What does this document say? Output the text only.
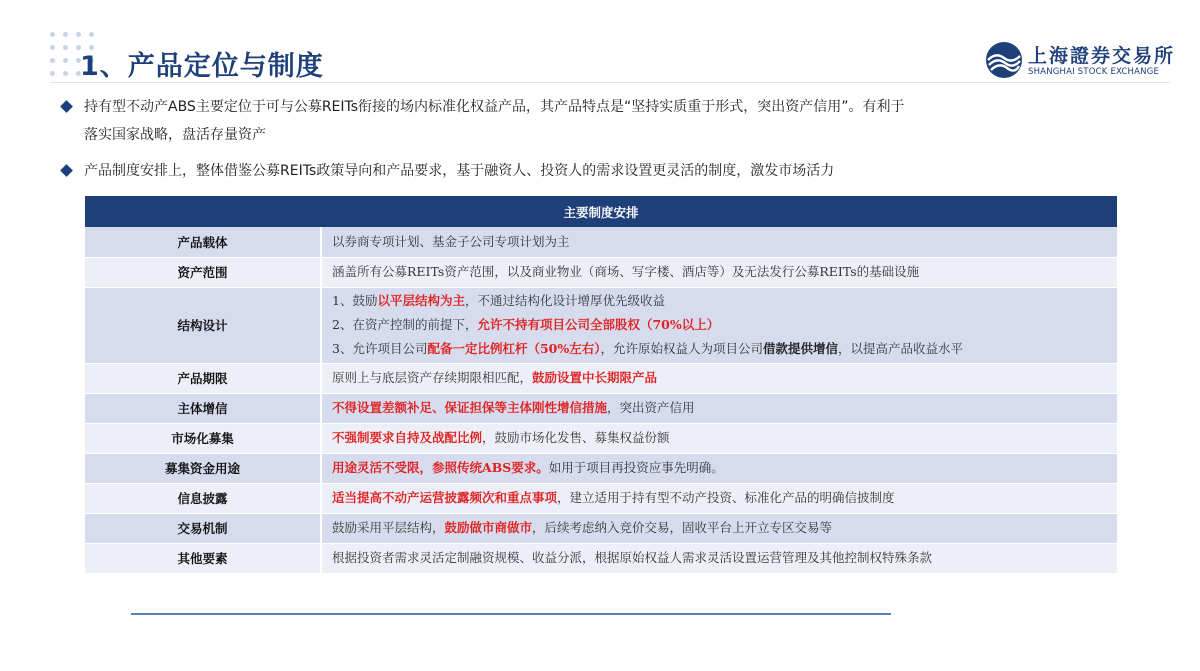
1、产品定位与制度	上海證券交易所
SHANGHAI STOCK EXCHANGE
持有型不动产ABS主要定位于可与公募REITs衔接的场内标准化权益产品，其产品特点是“坚持实质重于形式，突出资产信用”。有利于
落实国家战略，盘活存量资产
产品制度安排上，整体借鉴公募REITs政策导向和产品要求，基于融资人、投资人的需求设置更灵活的制度，激发市场活力
主要制度安排	
产品载体	以券商专项计划、基金子公司专项计划为主

资产范围	涵盖所有公募REITs资产范围，以及商业物业（商场、写字楼、酒店等）及无法发行公募REITs的基础设施

结构设计	1、鼓励以平层结构为主，不通过结构化设计增厚优先级收益
2、在资产控制的前提下，允许不持有项目公司全部股权（70%以上）
3、允许项目公司配备一定比例杠杆（50%左右），允许原始权益人为项目公司借款提供增信，以提高产品收益水平

产品期限	原则上与底层资产存续期限相匹配，鼓励设置中长期限产品

主体增信	不得设置差额补足、保证担保等主体刚性增信措施，突出资产信用

市场化募集	不强制要求自持及战配比例，鼓励市场化发售、募集权益份额

募集资金用途	用途灵活不受限，参照传统ABS要求。如用于项目再投资应事先明确。

信息披露	适当提高不动产运营披露频次和重点事项，建立适用于持有型不动产投资、标准化产品的明确信披制度

交易机制	鼓励采用平层结构，鼓励做市商做市，后续考虑纳入竞价交易，固收平台上开立专区交易等

其他要素	根据投资者需求灵活定制融资规模、收益分派，根据原始权益人需求灵活设置运营管理及其他控制权特殊条款
